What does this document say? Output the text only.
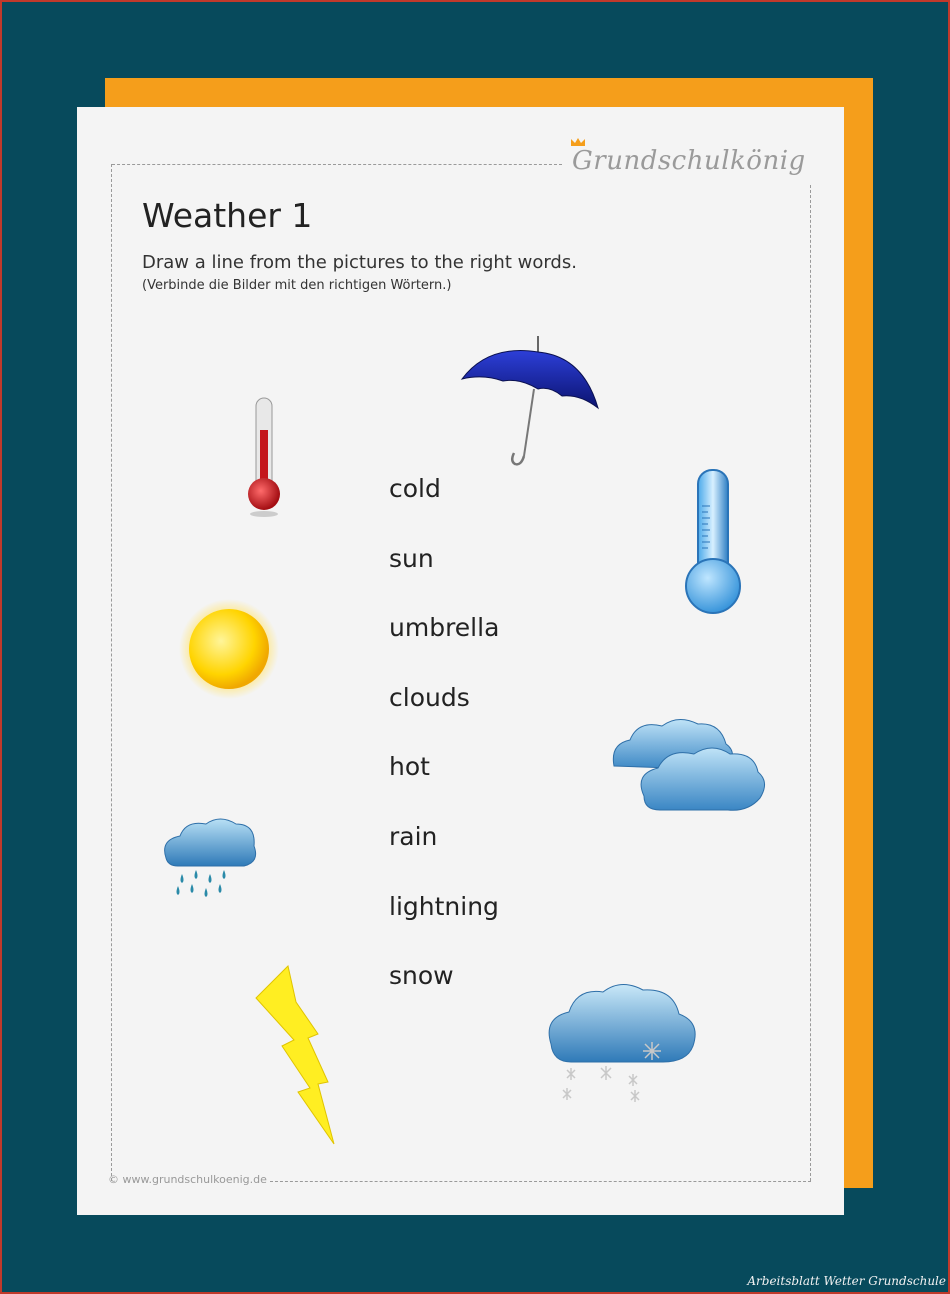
Grundschulkönig
Weather 1
Draw a line from the pictures to the right words.
(Verbinde die Bilder mit den richtigen Wörtern.)
cold
sun
umbrella
clouds
hot
rain
lightning
snow
© www.grundschulkoenig.de
Arbeitsblatt Wetter Grundschule
